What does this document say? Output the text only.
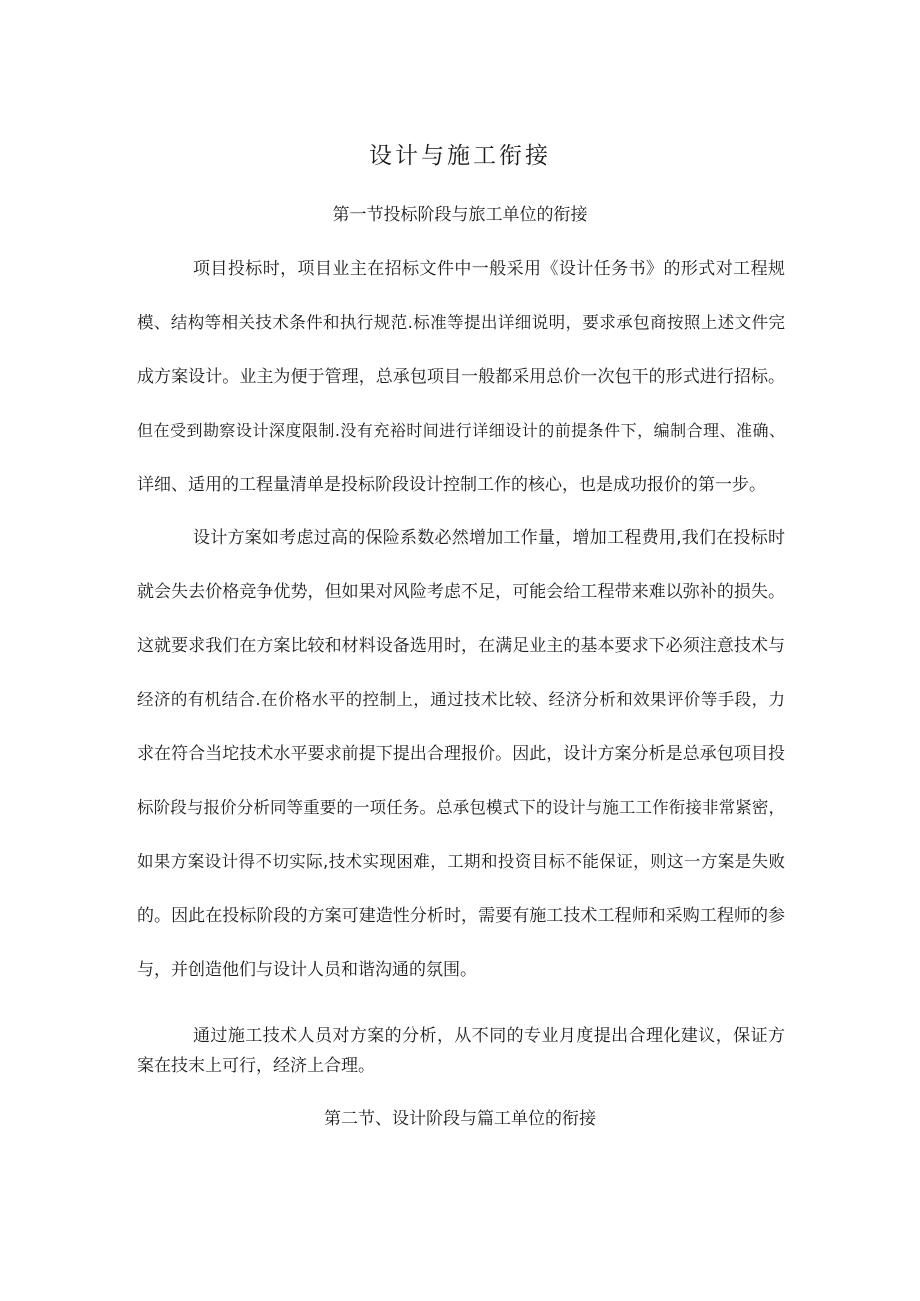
设计与施工衔接
第一节投标阶段与旅工单位的衔接
项目投标时，项目业主在招标文件中一般采用《设计任务书》的形式对工程规
模、结构等相关技术条件和执行规范.标准等提出详细说明，要求承包商按照上述文件完
成方案设计。业主为便于管理，总承包项目一般都采用总价一次包干的形式进行招标。
但在受到勘察设计深度限制.没有充裕时间进行详细设计的前提条件下，编制合理、准确、
详细、适用的工程量清单是投标阶段设计控制工作的核心，也是成功报价的第一步。
设计方案如考虑过高的保险系数必然增加工作量，增加工程费用,我们在投标时
就会失去价格竞争优势，但如果对风险考虑不足，可能会给工程带来难以弥补的损失。
这就要求我们在方案比较和材料设备选用时，在满足业主的基本要求下必须注意技术与
经济的有机结合.在价格水平的控制上，通过技术比较、经济分析和效果评价等手段，力
求在符合当坨技术水平要求前提下提出合理报价。因此，设计方案分析是总承包项目投
标阶段与报价分析同等重要的一项任务。总承包模式下的设计与施工工作衔接非常紧密，
如果方案设计得不切实际,技术实现困难，工期和投资目标不能保证，则这一方案是失败
的。因此在投标阶段的方案可建造性分析时，需要有施工技术工程师和采购工程师的参
与，并创造他们与设计人员和谐沟通的氛围。
通过施工技术人员对方案的分析，从不同的专业月度提出合理化建议，保证方
案在技末上可行，经济上合理。
第二节、设计阶段与篇工单位的衔接
